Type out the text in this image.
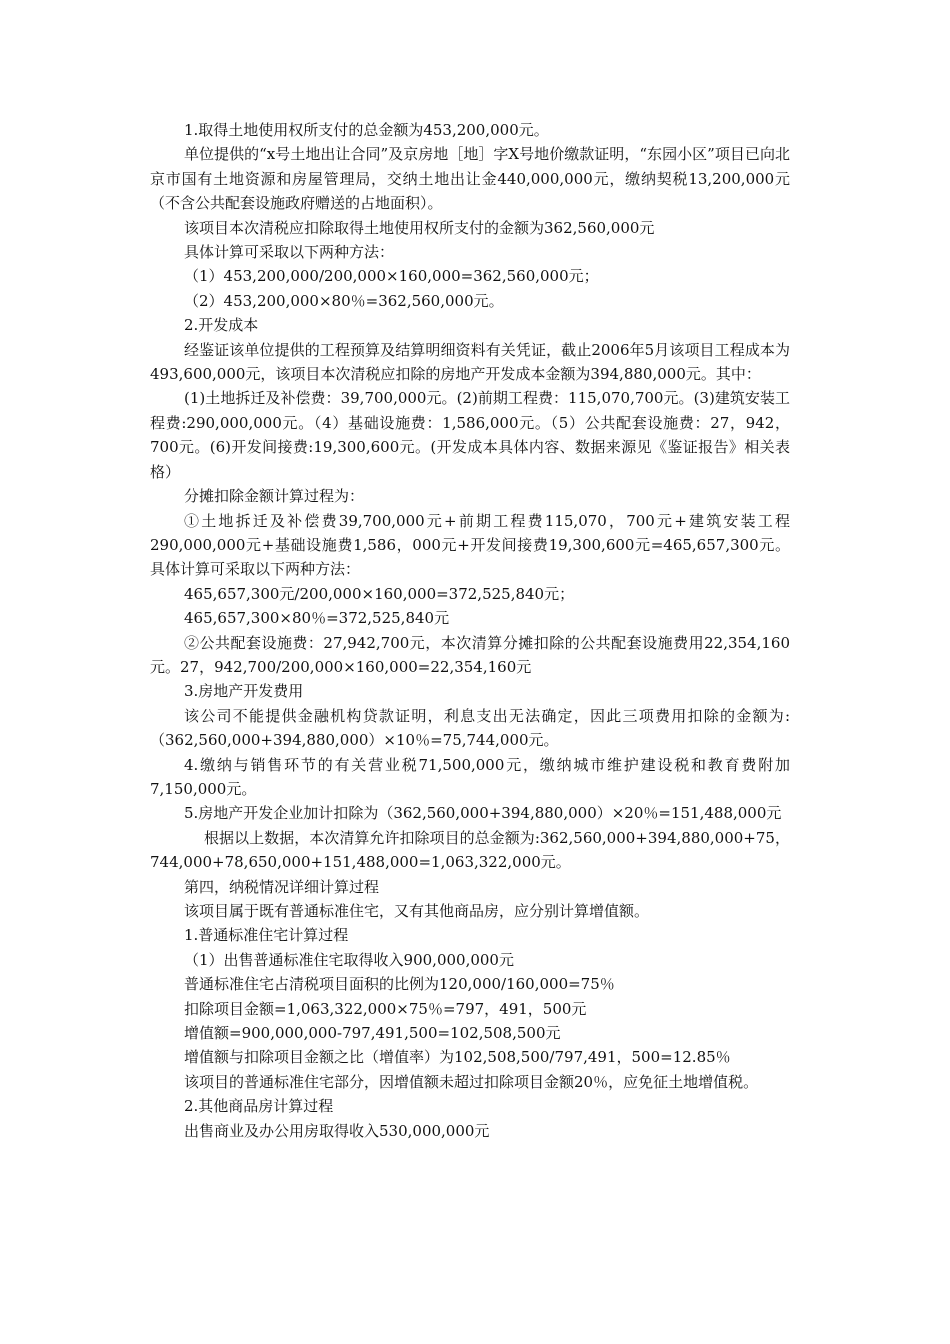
1.取得土地使用权所支付的总金额为453,200,000元。

单位提供的“x号土地出让合同”及京房地［地］字X号地价缴款证明，“东园小区”项目已向北京市国有土地资源和房屋管理局，交纳土地出让金440,000,000元，缴纳契税13,200,000元（不含公共配套设施政府赠送的占地面积）。

该项目本次清税应扣除取得土地使用权所支付的金额为362,560,000元

具体计算可采取以下两种方法：

（1）453,200,000/200,000×160,000=362,560,000元；

（2）453,200,000×80％=362,560,000元。

2.开发成本

经鉴证该单位提供的工程预算及结算明细资料有关凭证，截止2006年5月该项目工程成本为493,600,000元，该项目本次清税应扣除的房地产开发成本金额为394,880,000元。其中：

(1)土地拆迁及补偿费：39,700,000元。(2)前期工程费：115,070,700元。(3)建筑安装工程费:290,000,000元。（4）基础设施费：1,586,000元。（5）公共配套设施费：27，942，700元。(6)开发间接费:19,300,600元。(开发成本具体内容、数据来源见《鉴证报告》相关表格）

分摊扣除金额计算过程为：

①土地拆迁及补偿费39,700,000元+前期工程费115,070，700元+建筑安装工程290,000,000元+基础设施费1,586，000元+开发间接费19,300,600元=465,657,300元。具体计算可采取以下两种方法：

465,657,300元/200,000×160,000=372,525,840元；

465,657,300×80％=372,525,840元

②公共配套设施费：27,942,700元，本次清算分摊扣除的公共配套设施费用22,354,160元。27，942,700/200,000×160,000=22,354,160元

3.房地产开发费用

该公司不能提供金融机构贷款证明，利息支出无法确定，因此三项费用扣除的金额为:（362,560,000+394,880,000）×10％=75,744,000元。

4.缴纳与销售环节的有关营业税71,500,000元，缴纳城市维护建设税和教育费附加7,150,000元。

5.房地产开发企业加计扣除为（362,560,000+394,880,000）×20％=151,488,000元

根据以上数据，本次清算允许扣除项目的总金额为:362,560,000+394,880,000+75，744,000+78,650,000+151,488,000=1,063,322,000元。

第四，纳税情况详细计算过程

该项目属于既有普通标准住宅，又有其他商品房，应分别计算增值额。

1.普通标准住宅计算过程

（1）出售普通标准住宅取得收入900,000,000元

普通标准住宅占清税项目面积的比例为120,000/160,000=75％

扣除项目金额=1,063,322,000×75％=797，491，500元

增值额=900,000,000-797,491,500=102,508,500元

增值额与扣除项目金额之比（增值率）为102,508,500/797,491，500=12.85％

该项目的普通标准住宅部分，因增值额未超过扣除项目金额20％，应免征土地增值税。

2.其他商品房计算过程

出售商业及办公用房取得收入530,000,000元
